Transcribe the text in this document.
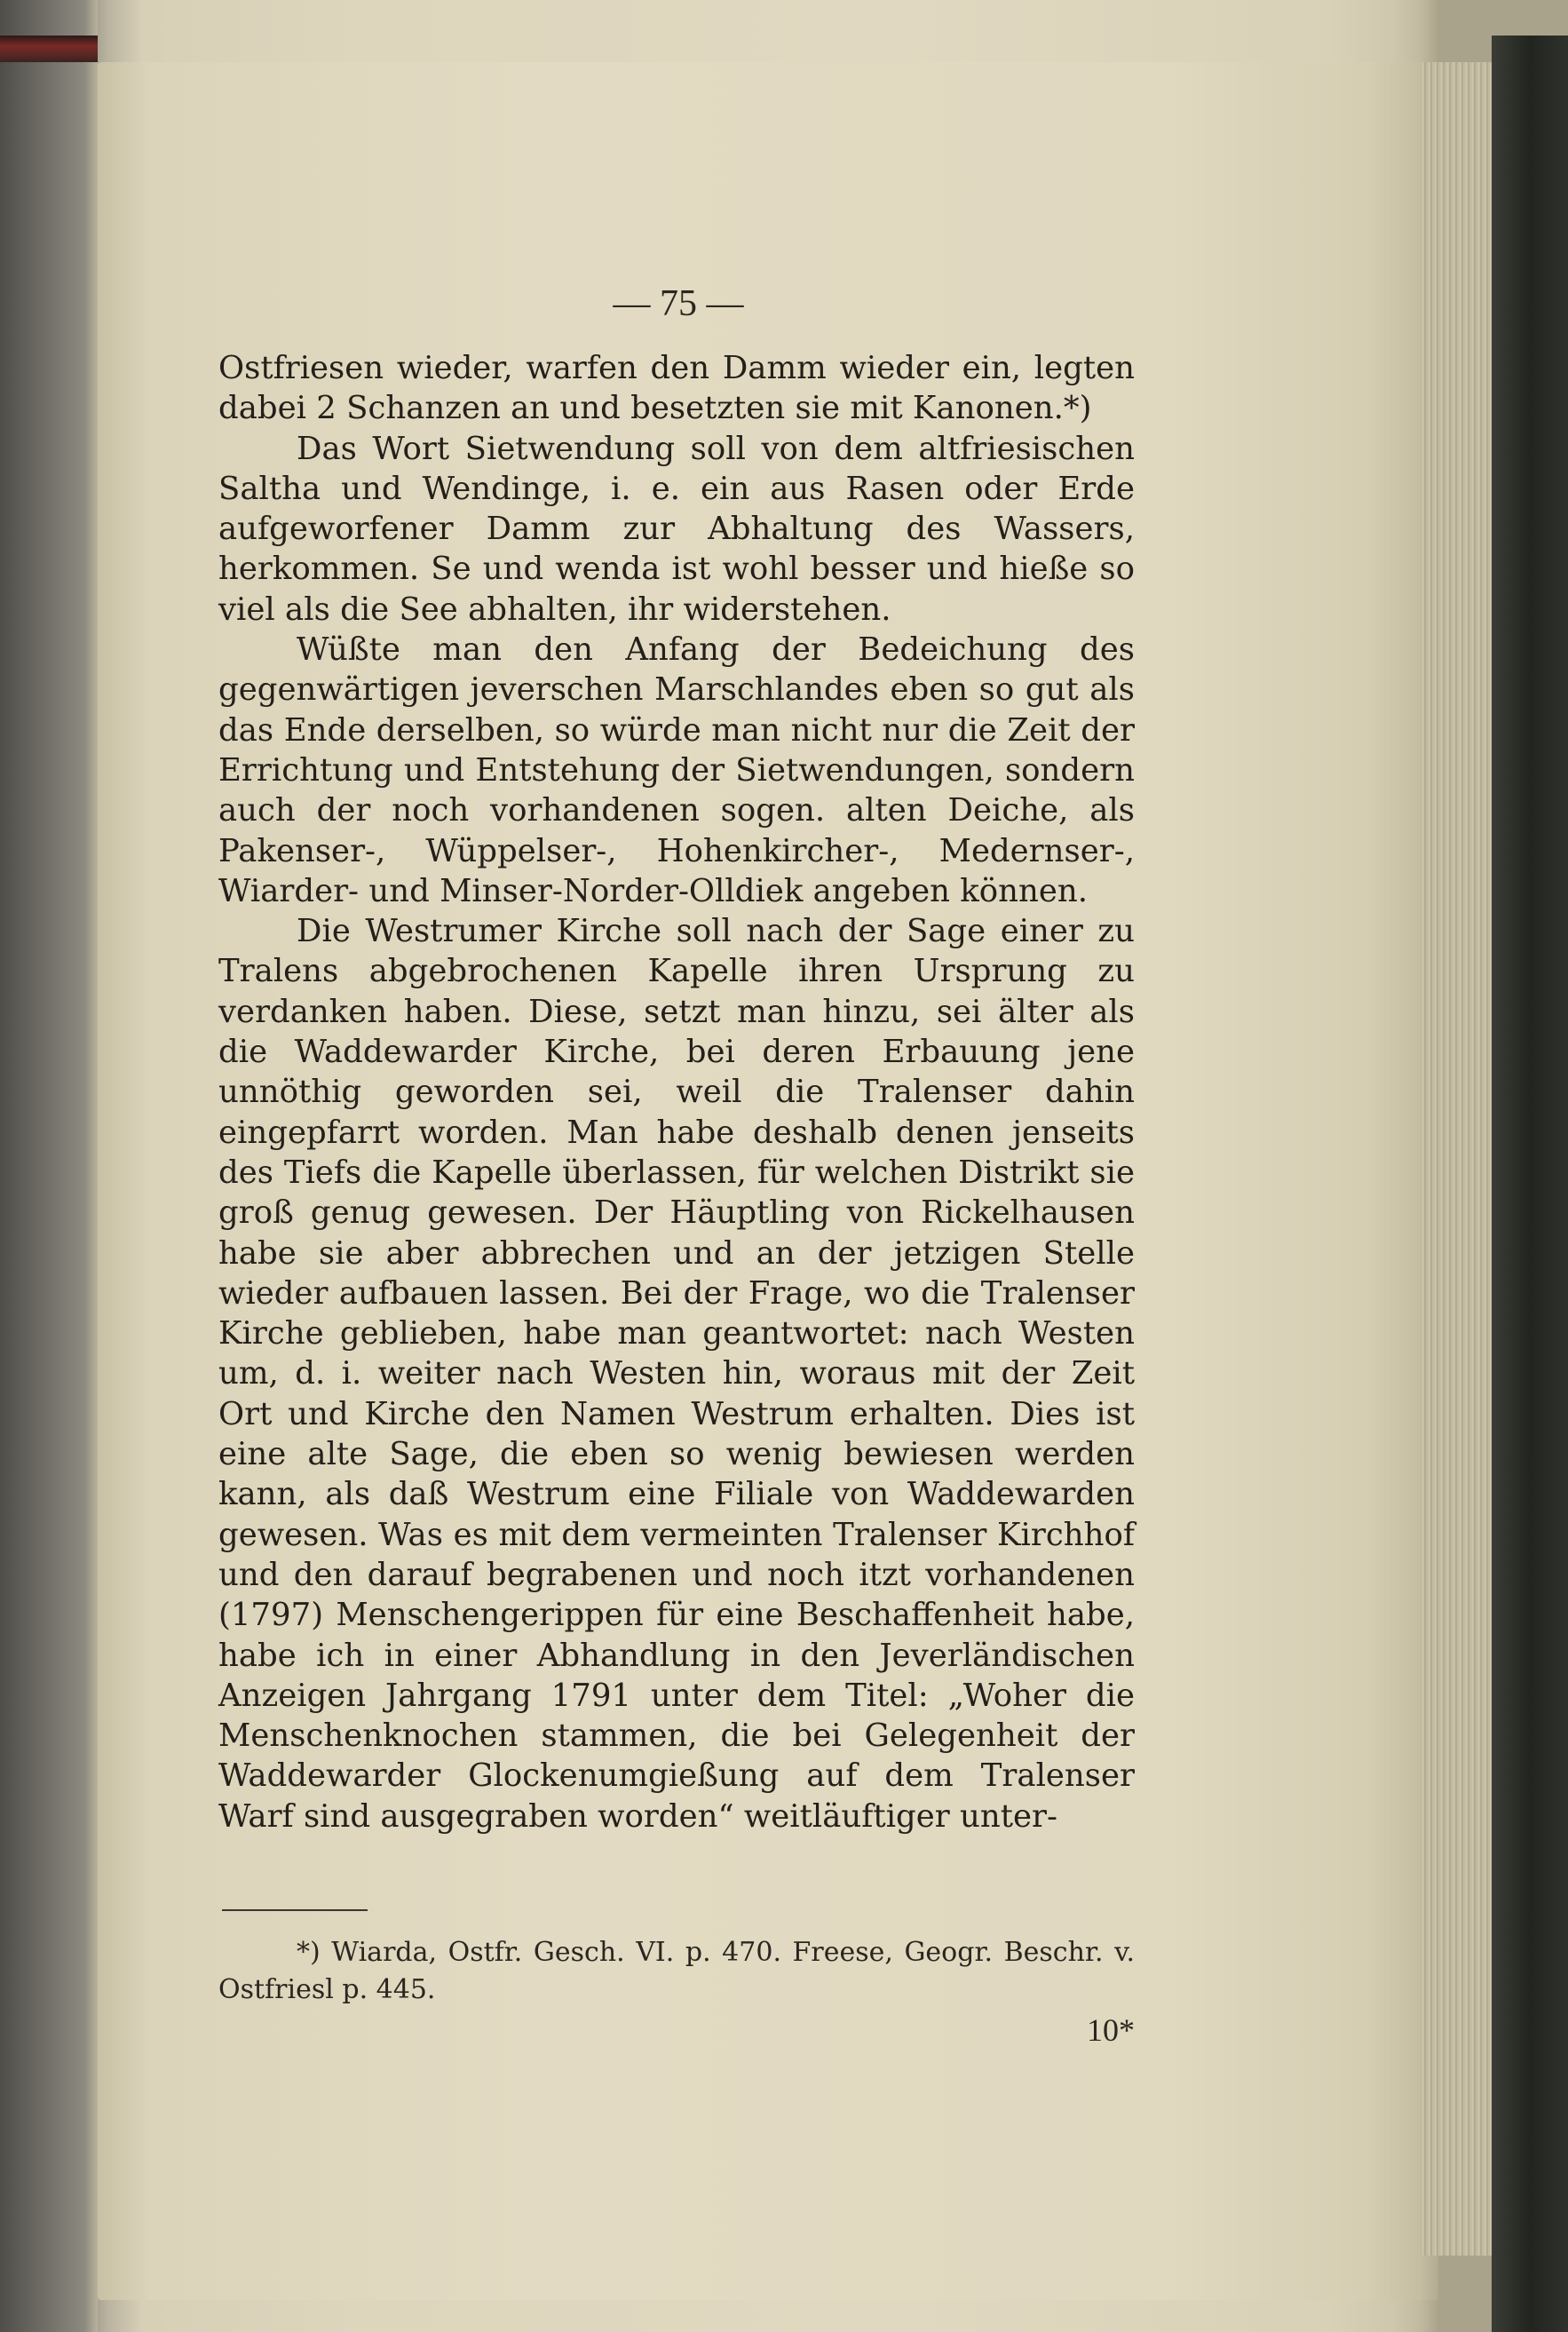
— 75 —

Ostfriesen wieder, warfen den Damm wieder ein, legten dabei 2 Schanzen an und besetzten sie mit Kanonen.*)

Das Wort Sietwendung soll von dem altfriesischen Saltha und Wendinge, i. e. ein aus Rasen oder Erde aufgeworfener Damm zur Abhaltung des Wassers, herkommen. Se und wenda ist wohl besser und hieße so viel als die See abhalten, ihr widerstehen.

Wüßte man den Anfang der Bedeichung des gegenwärtigen jeverschen Marschlandes eben so gut als das Ende derselben, so würde man nicht nur die Zeit der Errichtung und Entstehung der Sietwendungen, sondern auch der noch vorhandenen sogen. alten Deiche, als Pakenser-, Wüppelser-, Hohenkircher-, Medernser-, Wiarder- und Minser-Norder-Olldiek angeben können.

Die Westrumer Kirche soll nach der Sage einer zu Tralens abgebrochenen Kapelle ihren Ursprung zu verdanken haben. Diese, setzt man hinzu, sei älter als die Waddewarder Kirche, bei deren Erbauung jene unnöthig geworden sei, weil die Tralenser dahin eingepfarrt worden. Man habe deshalb denen jenseits des Tiefs die Kapelle überlassen, für welchen Distrikt sie groß genug gewesen. Der Häuptling von Rickelhausen habe sie aber abbrechen und an der jetzigen Stelle wieder aufbauen lassen. Bei der Frage, wo die Tralenser Kirche geblieben, habe man geantwortet: nach Westen um, d. i. weiter nach Westen hin, woraus mit der Zeit Ort und Kirche den Namen Westrum erhalten. Dies ist eine alte Sage, die eben so wenig bewiesen werden kann, als daß Westrum eine Filiale von Waddewarden gewesen. Was es mit dem vermeinten Tralenser Kirchhof und den darauf begrabenen und noch itzt vorhandenen (1797) Menschengerippen für eine Beschaffenheit habe, habe ich in einer Abhandlung in den Jeverländischen Anzeigen Jahrgang 1791 unter dem Titel: „Woher die Menschenknochen stammen, die bei Gelegenheit der Waddewarder Glockenumgießung auf dem Tralenser Warf sind ausgegraben worden“ weitläuftiger unter-

*) Wiarda, Ostfr. Gesch. VI. p. 470. Freese, Geogr. Beschr. v. Ostfriesl p. 445.

10*
